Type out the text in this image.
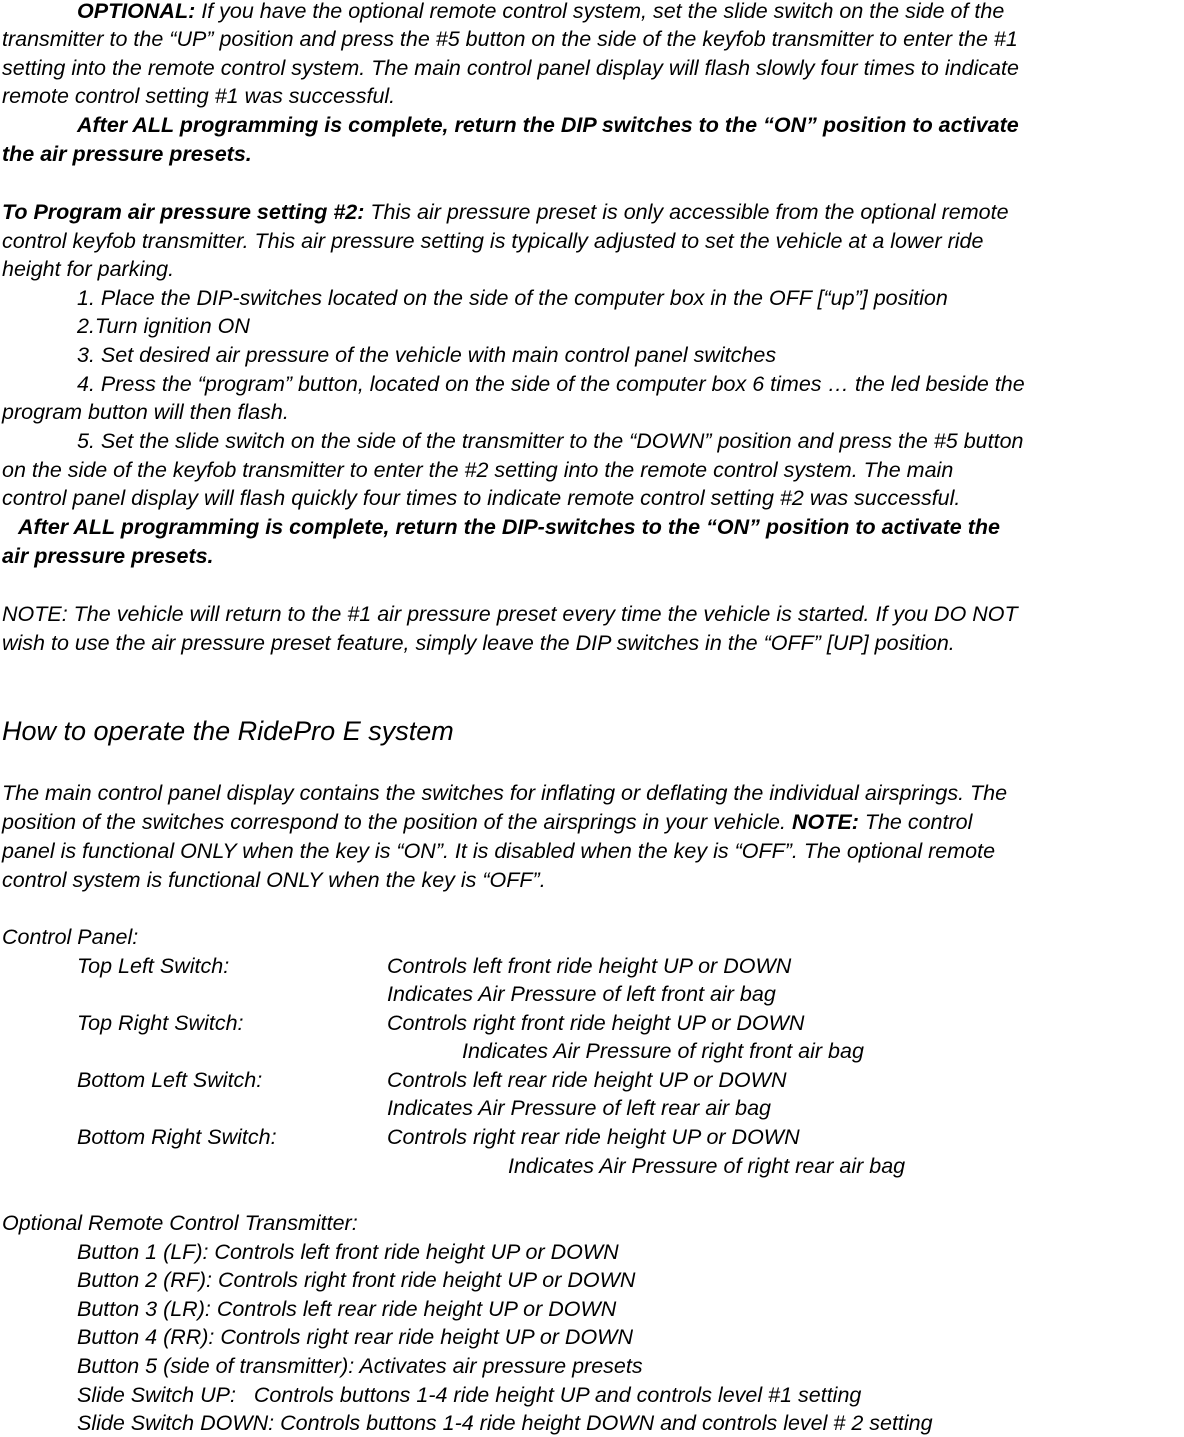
OPTIONAL: If you have the optional remote control system, set the slide switch on the side of the
transmitter to the “UP” position and press the #5 button on the side of the keyfob transmitter to enter the #1
setting into the remote control system. The main control panel display will flash slowly four times to indicate
remote control setting #1 was successful.
After ALL programming is complete, return the DIP switches to the “ON” position to activate
the air pressure presets.
To Program air pressure setting #2: This air pressure preset is only accessible from the optional remote
control keyfob transmitter. This air pressure setting is typically adjusted to set the vehicle at a lower ride
height for parking.
1. Place the DIP-switches located on the side of the computer box in the OFF [“up”] position
2.Turn ignition ON
3. Set desired air pressure of the vehicle with main control panel switches
4. Press the “program” button, located on the side of the computer box 6 times … the led beside the
program button will then flash.
5. Set the slide switch on the side of the transmitter to the “DOWN” position and press the #5 button
on the side of the keyfob transmitter to enter the #2 setting into the remote control system. The main
control panel display will flash quickly four times to indicate remote control setting #2 was successful.
After ALL programming is complete, return the DIP-switches to the “ON” position to activate the
air pressure presets.
NOTE: The vehicle will return to the #1 air pressure preset every time the vehicle is started. If you DO NOT
wish to use the air pressure preset feature, simply leave the DIP switches in the “OFF” [UP] position.
How to operate the RidePro E system
The main control panel display contains the switches for inflating or deflating the individual airsprings. The
position of the switches correspond to the position of the airsprings in your vehicle. NOTE: The control
panel is functional ONLY when the key is “ON”. It is disabled when the key is “OFF”. The optional remote
control system is functional ONLY when the key is “OFF”.
Control Panel:
Top Left Switch:	Controls left front ride height UP or DOWN
Indicates Air Pressure of left front air bag
Top Right Switch:	Controls right front ride height UP or DOWN
Indicates Air Pressure of right front air bag
Bottom Left Switch:	Controls left rear ride height UP or DOWN
Indicates Air Pressure of left rear air bag
Bottom Right Switch:	Controls right rear ride height UP or DOWN
Indicates Air Pressure of right rear air bag
Optional Remote Control Transmitter:
Button 1 (LF): Controls left front ride height UP or DOWN
Button 2 (RF): Controls right front ride height UP or DOWN
Button 3 (LR): Controls left rear ride height UP or DOWN
Button 4 (RR): Controls right rear ride height UP or DOWN
Button 5 (side of transmitter): Activates air pressure presets
Slide Switch UP:   Controls buttons 1-4 ride height UP and controls level #1 setting
Slide Switch DOWN: Controls buttons 1-4 ride height DOWN and controls level # 2 setting
